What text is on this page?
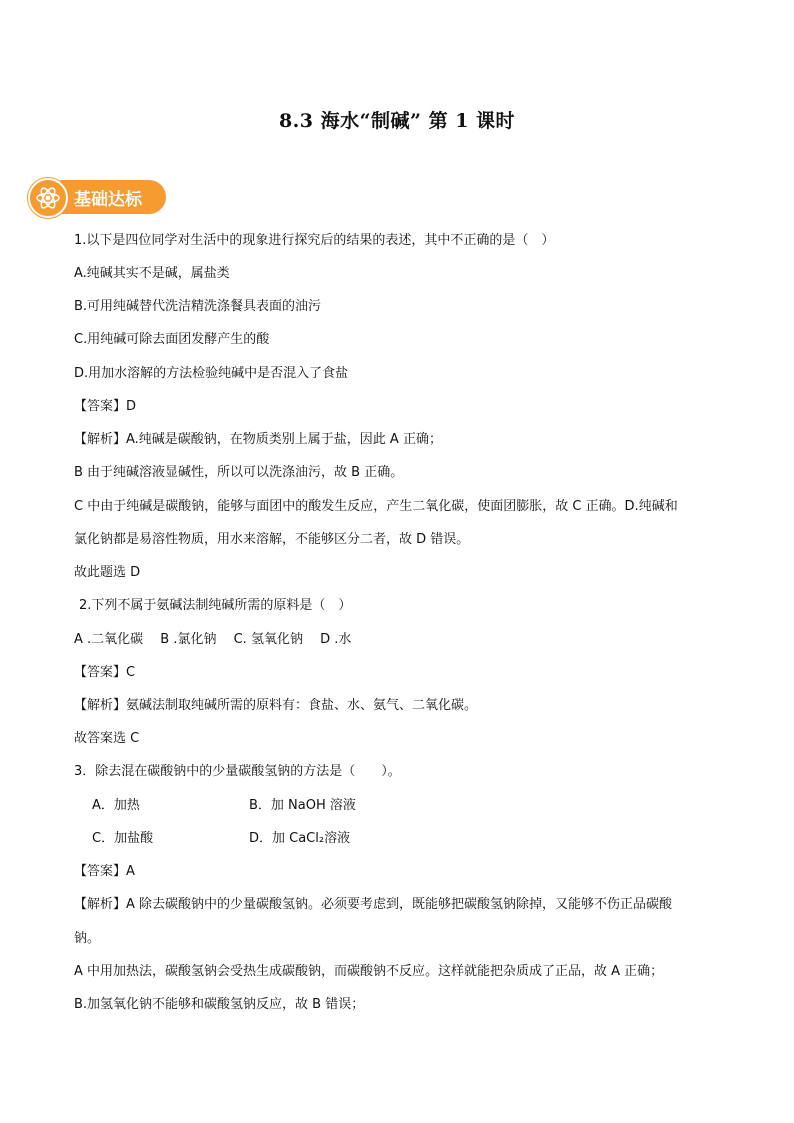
8.3 海水“制碱” 第 1 课时
基础达标
1.以下是四位同学对生活中的现象进行探究后的结果的表述，其中不正确的是（　）
A.纯碱其实不是碱，属盐类
B.可用纯碱替代洗洁精洗涤餐具表面的油污
C.用纯碱可除去面团发酵产生的酸
D.用加水溶解的方法检验纯碱中是否混入了食盐
【答案】D
【解析】A.纯碱是碳酸钠，在物质类别上属于盐，因此 A 正确；
B 由于纯碱溶液显碱性，所以可以洗涤油污，故 B 正确。
C 中由于纯碱是碳酸钠，能够与面团中的酸发生反应，产生二氧化碳，使面团膨胀，故 C 正确。D.纯碱和
氯化钠都是易溶性物质，用水来溶解，不能够区分二者，故 D 错误。
故此题选 D
2.下列不属于氨碱法制纯碱所需的原料是（　）
A .二氧化碳　 B .氯化钠　 C. 氢氧化钠　 D .水
【答案】C
【解析】氨碱法制取纯碱所需的原料有：食盐、水、氨气、二氧化碳。
故答案选 C
3．除去混在碳酸钠中的少量碳酸氢钠的方法是（　　）。
A．加热	B．加 NaOH 溶液
C．加盐酸	D．加 CaCl₂溶液
【答案】A
【解析】A 除去碳酸钠中的少量碳酸氢钠。必须要考虑到，既能够把碳酸氢钠除掉，又能够不伤正品碳酸
钠。
A 中用加热法，碳酸氢钠会受热生成碳酸钠，而碳酸钠不反应。这样就能把杂质成了正品，故 A 正确；
B.加氢氧化钠不能够和碳酸氢钠反应，故 B 错误；
